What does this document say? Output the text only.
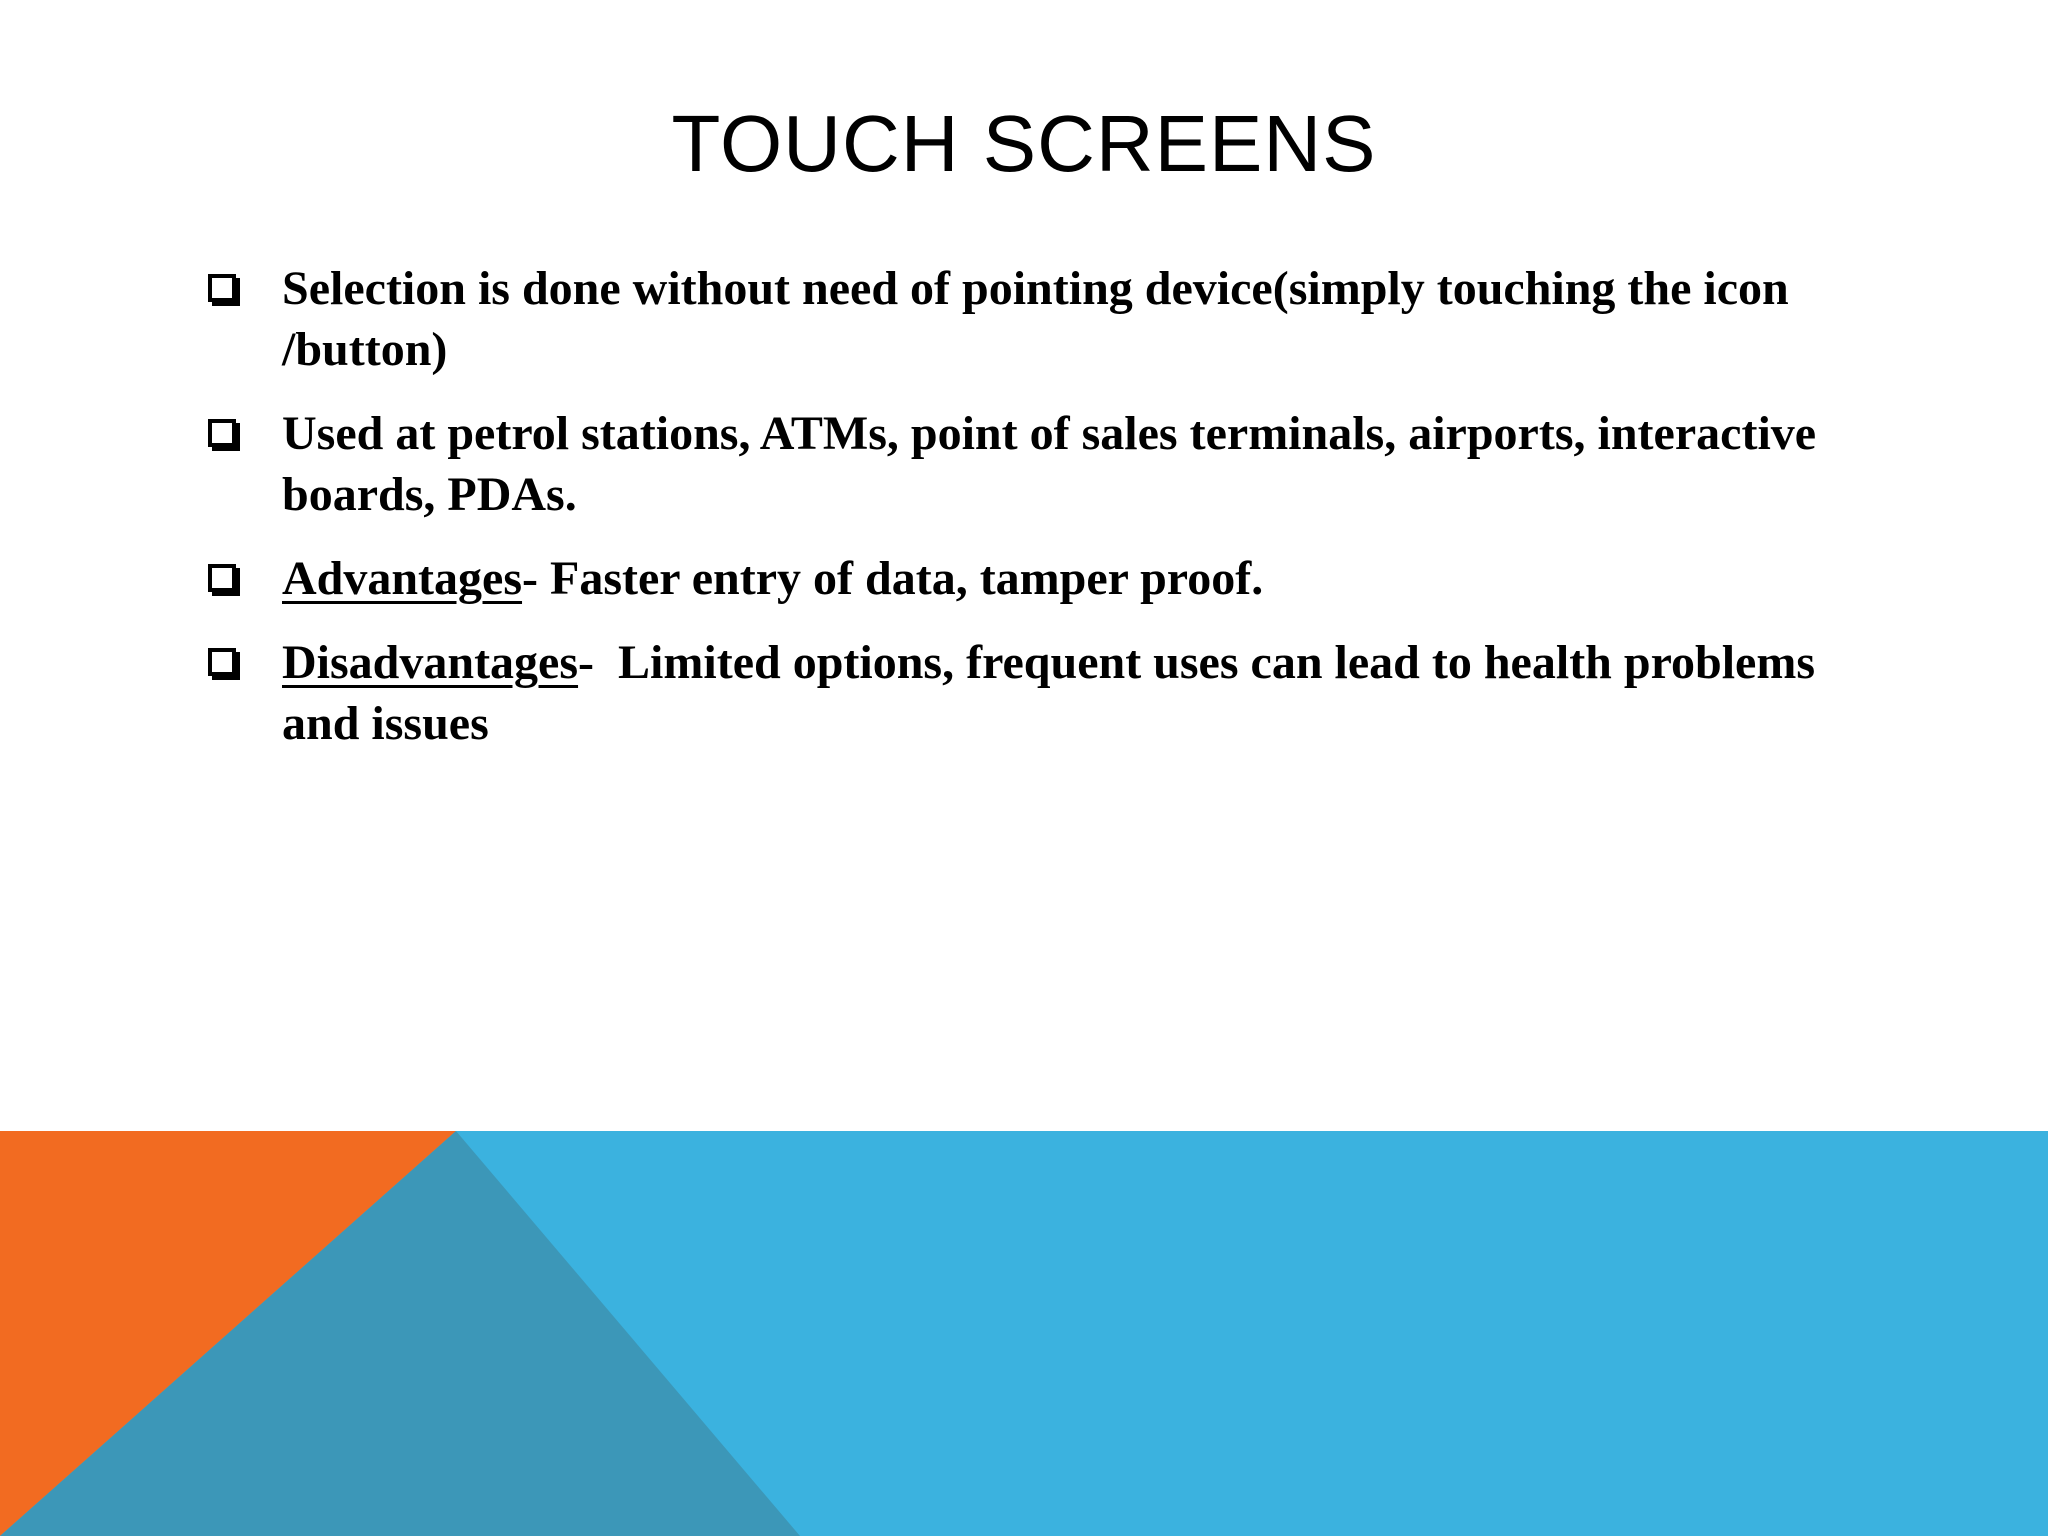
TOUCH SCREENS
Selection is done without need of pointing device(simply touching the icon /button)
Used at petrol stations, ATMs, point of sales terminals, airports, interactive boards, PDAs.
Advantages- Faster entry of data, tamper proof.
Disadvantages-  Limited options, frequent uses can lead to health problems and issues
